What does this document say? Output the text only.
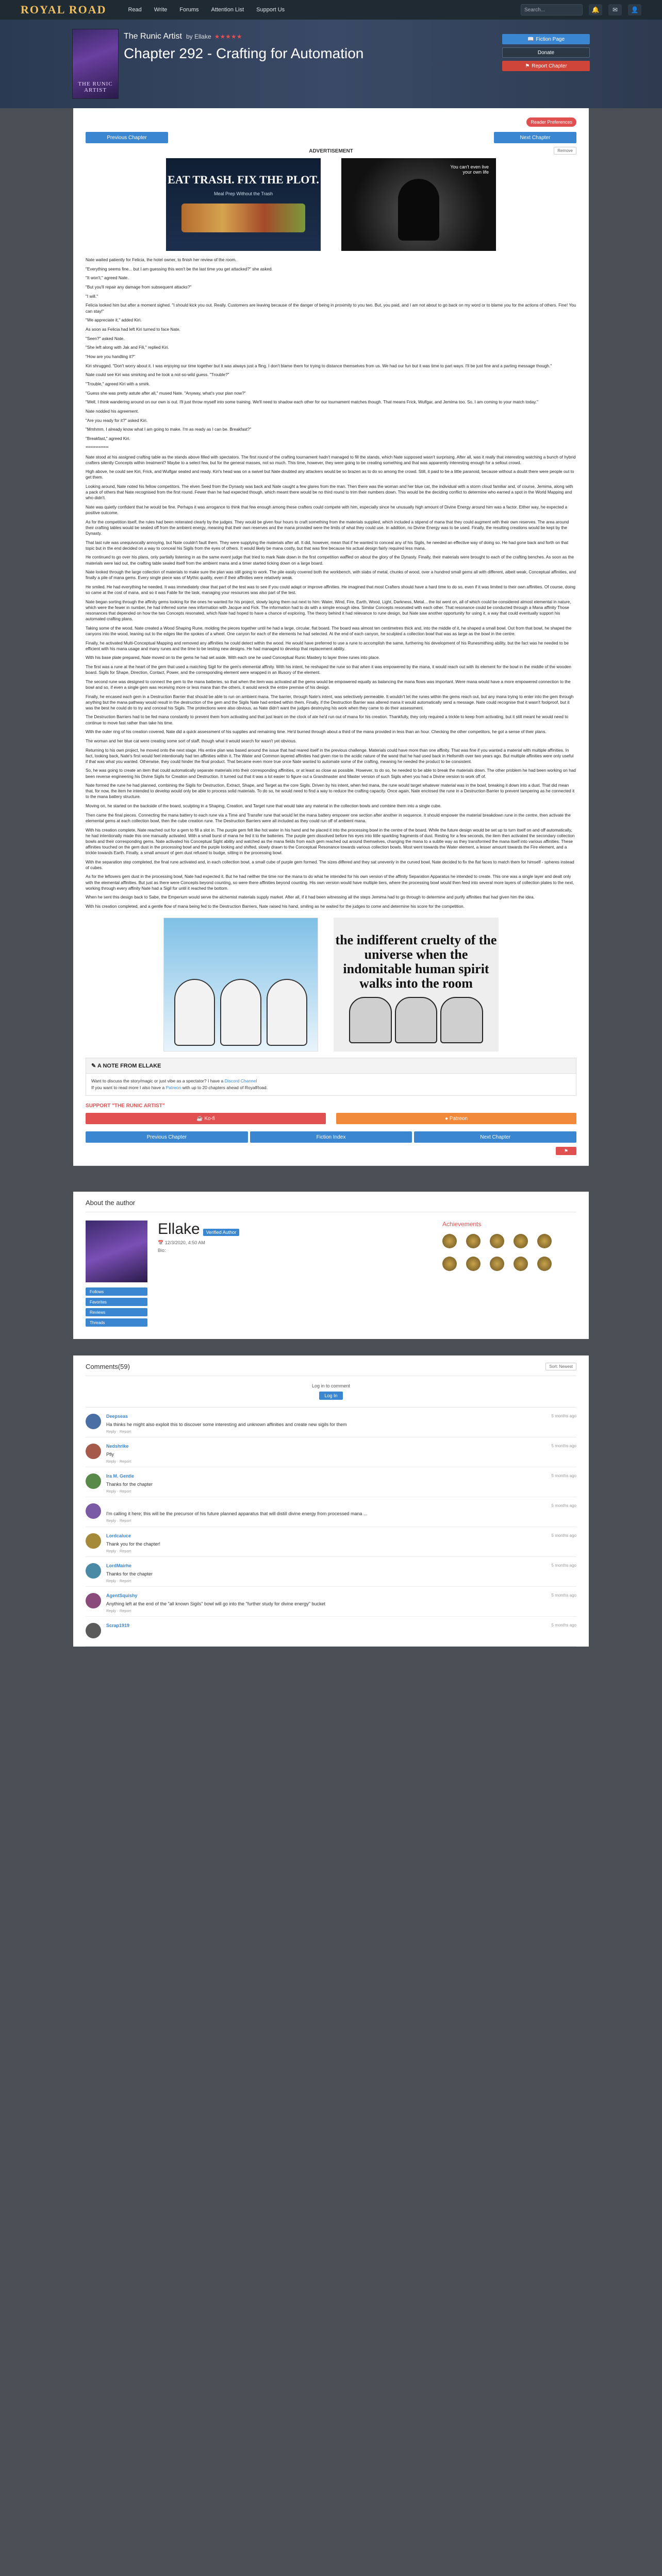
ROYAL ROAD	Read	Write	Forums	Attention List	Support Us	Search...	🔔	✉	👤
THE RUNIC ARTIST
The Runic Artist by Ellake ★★★★★
Chapter 292 - Crafting for Automation
📖 Fiction Page
Donate
⚑ Report Chapter
Reader Preferences
Previous Chapter	Next Chapter
ADVERTISEMENT	Remove
EAT TRASH. FIX THE PLOT.
Meal Prep Without the Trash
You can't even live your own life

Nate waited patiently for Felicia, the hotel owner, to finish her review of the room.

"Everything seems fine... but I am guessing this won't be the last time you get attacked?" she asked.

"It won't," agreed Nate.

"But you'll repair any damage from subsequent attacks?"

"I will."

Felicia looked him but after a moment sighed. "I should kick you out. Really. Customers are leaving because of the danger of being in proximity to you two. But, you paid, and I am not about to go back on my word or to blame you for the actions of others. Fine! You can stay!"

"We appreciate it," added Kiri.

As soon as Felicia had left Kiri turned to face Nate.

"Seen?" asked Nate.

"She left along with Jak and Fili," replied Kiri.

"How are you handling it?"

Kiri shrugged. "Don't worry about it. I was enjoying our time together but it was always just a fling. I don't blame them for trying to distance themselves from us. We had our fun but it was time to part ways. I'll be just fine and a parting message though."

Nate could see Kiri was smirking and he took a not-so-wild guess. "Trouble?"

"Trouble," agreed Kiri with a smirk.

"Guess she was pretty astute after all," mused Nate. "Anyway, what's your plan now?"

"Well, I think wandering around on our own is out. I'll just throw myself into some training. We'll need to shadow each other for our tournament matches though. That means Frick, Wulfgar, and Jemima too. So, I am coming to your match today."

Nate nodded his agreement.

"Are you ready for it?" asked Kiri.

"Mmhmm. I already know what I am going to make. I'm as ready as I can be. Breakfast?"

"Breakfast," agreed Kiri.

**************

Nate stood at his assigned crafting table as the stands above filled with spectators. The first round of the crafting tournament hadn't managed to fill the stands, which Nate supposed wasn't surprising. After all, was it really that interesting watching a bunch of hybrid crafters silently Concepts within treatment? Maybe to a select few, but for the general masses, not so much. This time, however, they were going to be creating something and that was apparently interesting enough for a sellout crowd.

High above, he could see Kiri, Frick, and Wulfgar seated and ready. Kiri's head was on a swivel but Nate doubted any attackers would be so brazen as to do so among the crowd. Still, it paid to be a little paranoid, because without a doubt there were people out to get them.

Looking around, Nate noted his fellow competitors. The elven Seed from the Dynasty was back and Nate caught a few glares from the man. Then there was the woman and her blue cat, the individual with a storm cloud familiar and, of course, Jemima, along with a pack of others that Nate recognised from the first round. Fewer than he had expected though, which meant there would be no third round to trim their numbers down. This would be the deciding conflict to determine who earned a spot in the World Mapping and who didn't.

Nate was quietly confident that he would be fine. Perhaps it was arrogance to think that few enough among these crafters could compete with him, especially since he unusually high amount of Divine Energy around him was a factor. Either way, he expected a positive outcome.

As for the competition itself, the rules had been reiterated clearly by the judges. They would be given four hours to craft something from the materials supplied, which included a stipend of mana that they could augment with their own reserves. The area around their crafting tables would be sealed off from the ambient energy, meaning that their own reserves and the mana provided were the limits of what they could use. In addition, no Divine Energy was to be used. Finally, the resulting creations would be kept by the Dynasty.

That last rule was unequivocally annoying, but Nate couldn't fault them. They were supplying the materials after all. It did, however, mean that if he wanted to conceal any of his Sigils, he needed an effective way of doing so. He had gone back and forth on that topic but in the end decided on a way to conceal his Sigils from the eyes of others. It would likely be mana costly, but that was fine because his actual design fairly required less mana.

He continued to go over his plans, only partially listening in as the same event judge that tried to mark Nate down in the first competition waffled on about the glory of the Dynasty. Finally, their materials were brought to each of the crafting benches. As soon as the materials were laid out, the crafting table sealed itself from the ambient mana and a timer started ticking down on a large board.

Nate looked through the large collection of materials to make sure the plan was still going to work. The pile easily covered both the workbench, with slabs of metal, chunks of wood, over a hundred small gems all with different, albeit weak, Conceptual affinities, and finally a pile of mana gems. Every single piece was of Mythic quality, even if their affinities were relatively weak.

He smiled. He had everything he needed. It was immediately clear that part of the test was to see if you could adapt or improve affinities. He imagined that most Crafters should have a hard time to do so, even if it was limited to their own affinities. Of course, doing so came at the cost of mana, and so it was Fable for the task, managing your resources was also part of the test.

Nate began sorting through the affinity gems looking for the ones he wanted for his project, slowly laying them out next to him: Water, Wind, Fire, Earth, Wood, Light, Darkness, Metal... the list went on, all of which could be considered almost elemental in nature, which were the fewer in number, he had inferred some new information with Jacque and Fick. The information had to do with a simple enough idea. Similar Concepts resonated with each other. That resonance could be conducted through a Mana affinity Those resonances that depended on how the two Concepts resonated, which Nate had hoped to have a chance of exploring. The theory behind it had relevance to rune design, but Nate saw another opportunity for using it, a way that could eventually support his automated crafting plans.

Taking some of the wood, Nate created a Wood Shaping Rune, molding the pieces together until he had a large, circular, flat board. The board was almost ten centimetres thick and, into the middle of it, he shaped a small bowl. Out from that bowl, he shaped the canyons into the wood, leaning out to the edges like the spokes of a wheel. One canyon for each of the elements he had selected. At the end of each canyon, he sculpted a collection bowl that was as large as the bowl in the centre.

Finally, he activated Multi-Conceptual Mapping and removed any affinities he could detect within the wood. He would have preferred to use a rune to accomplish the same, furthering his development of his Runesmithing ability, but the fact was he needed to be efficient with his mana usage and many runes and the time to be testing new designs. He had managed to develop that replacement ability.

With his base plate prepared, Nate moved on to the gems he had set aside. With each one he used Conceptual Runic Mastery to layer three runes into place.

The first was a rune at the heart of the gem that used a matching Sigil for the gem's elemental affinity. With his intent, he reshaped the rune so that when it was empowered by the mana, it would reach out with its element for the bowl in the middle of the wooden board. Sigils for Shape, Direction, Contact, Power, and the corresponding element were wrapped in an Illusory of the element.

The second rune was designed to connect the gem to the mana batteries, so that when the item was activated all the gems would be empowered equally as balancing the mana flows was important. Were mana would have a more empowered connection to the bowl and so, if even a single gem was receiving more or less mana than the others, it would wreck the entire premise of his design.

Finally, he encased each gem in a Destruction Barrier that should be able to run on ambient mana. The barrier, through Nate's intent, was selectively permeable. It wouldn't let the runes within the gems reach out, but any mana trying to enter into the gem through anything but the mana pathway would result in the destruction of the gem and the Sigils Nate had embed within them. Finally, if the Destruction Barrier was altered mana it would automatically send a message. Nate could recognise that it wasn't foolproof, but it was the best he could do to try and conceal his Sigils. The protections were also obvious, as Nate didn't want the judges destroying his work when they came to do their assessment.

The Destruction Barriers had to be fed mana constantly to prevent them from activating and that just leant on the clock of ate he'd run out of mana for his creation. Thankfully, they only required a trickle to keep from activating, but it still meant he would need to continue to move fast rather than take his time.

With the outer ring of his creation covered, Nate did a quick assessment of his supplies and remaining time. He'd burned through about a third of the mana provided in less than an hour. Checking the other competitors, he got a sense of their plans.

The woman and her blue cat were creating some sort of staff, though what it would search for wasn't yet obvious.

Returning to his own project, he moved onto the next stage. His entire plan was based around the issue that had reared itself in the previous challenge. Materials could have more than one affinity. That was fine if you wanted a material with multiple affinities. In fact, looking back, Nate's first would feel intentionally had ten affinities within it. The Water and Common layered affinities had given rise to the acidic nature of the wand that he had used back in Hellsmith over two years ago. But multiple affinities were only useful if that was what you wanted. Otherwise, they could hinder the final product. That became even more true once Nate wanted to automate some of the crafting, meaning he needed the product to be consistent.

So, he was going to create an item that could automatically separate materials into their corresponding affinities, or at least as close as possible. However, to do so, he needed to be able to break the materials down. The other problem he had been working on had been reverse engineering his Divine Sigils for Creation and Destruction. It turned out that it was a lot easier to figure out a Grandmaster and Master version of such Sigils when you had a Divine version to work off of.

Nate formed the rune he had planned, combining the Sigils for Destruction, Extract, Shape, and Target as the core Sigils. Driven by his intent, when fed mana, the rune would target whatever material was in the bowl, breaking it down into a dust. That did mean that, for now, the item he intended to develop would only be able to process solid materials. To do so, he would need to find a way to reduce the crafting capacity. Once again, Nate enclosed the rune in a Destruction Barrier to prevent tampering as he connected it to the mana battery structure.

Moving on, he started on the backside of the board, sculpting in a Shaping, Creation, and Target rune that would take any material in the collection bowls and combine them into a single cube.

Then came the final pieces. Connecting the mana battery to each rune via a Time and Transfer rune that would let the mana battery empower one section after another in sequence. It should empower the material breakdown rune in the centre, then activate the elemental gems at each collection bowl, then the cube creation rune. The Destruction Barriers were all included as they could run off of ambient mana.

With his creation complete, Nate reached out for a gem to fill a slot in. The purple gem felt like hot water in his hand and he placed it into the processing bowl in the centre of the board. While the future design would be set up to turn itself on and off automatically, he had intentionally made this one manually activated. With a small burst of mana he fed it to the batteries. The purple gem dissolved before his eyes into little sparkling fragments of dust. Resting for a few seconds, the item then activated the secondary collection bowls and their corresponding gems. Nate activated his Conceptual Sight ability and watched as the mana fields from each gem reached out around themselves, changing the mana to a subtle way as they transformed the mana itself into various affinities. These affinities touched on the gem dust in the processing bowl and the purple looking and shifted, slowly drawn to the Conceptual Resonance towards various collection bowls. Most went towards the Water element, a lesser amount towards the Fire element, and a trickle towards Earth. Finally, a small amount of gem dust refused to budge, sitting in the processing bowl.

With the separation step completed, the final rune activated and, in each collection bowl, a small cube of purple gem formed. The sizes differed and they sat unevenly in the curved bowl. Nate decided to fix the flat faces to match them for himself - spheres instead of cubes.

As for the leftovers gem dust in the processing bowl, Nate had expected it. But he had neither the time nor the mana to do what he intended for his own version of the affinity Separation Apparatus he intended to create. This one was a single layer and dealt only with the elemental affinities. But just as there were Concepts beyond counting, so were there affinities beyond counting. His own version would have multiple tiers, where the processing bowl would then feed into several more layers of collection plates to the next, working through every affinity Nate had a Sigil for until it reached the bottom.

When he sent this design back to Sabe, the Emperium would serve the alchemist materials supply market. After all, if it had been witnessing all the steps Jemima had to go through to determine and purify affinities that had given him the idea.

With his creation completed, and a gentle flow of mana being fed to the Destruction Barriers, Nate raised his hand, smiling as he waited for the judges to come and determine his score for the competition.

the indifferent cruelty of the universe when the indomitable human spirit walks into the room
✎ A NOTE FROM ELLAKE
Want to discuss the story/magic or just vibe as a spectator? I have a Discord Channel
If you want to read more I also have a Patreon with up to 20 chapters ahead of RoyalRoad.
SUPPORT "THE RUNIC ARTIST"
☕
Ko-fi	●
Patreon
Previous Chapter	Fiction Index	Next Chapter
⚑
About the author
Follows
Favorites
Reviews
Threads
Ellake Verified Author
📅 12/3/2020, 4:50 AM
Bio:
Achievements
Comments(59)	Sort: Newest
Log in to comment
Log In
Deepseas	5 months ago
Ha thinks he might also exploit this to discover some interesting and unknown affinities and create new sigils for them
Reply · Report
Nedshrike	5 months ago
Pfly
Reply · Report
Ira M. Gentle	5 months ago
Thanks for the chapter
Reply · Report
5 months ago
I'm calling it here; this will be the precursor of his future planned apparatus that will distill divine energy from processed mana ...
Reply · Report
Lordcaluce	5 months ago
Thank you for the chapter!
Reply · Report
LordMairhe	5 months ago
Thanks for the chapter
Reply · Report
AgentSquishy	5 months ago
Anything left at the end of the "all known Sigils" bowl will go into the "further study for divine energy" bucket
Reply · Report
Scrap1919	5 months ago
